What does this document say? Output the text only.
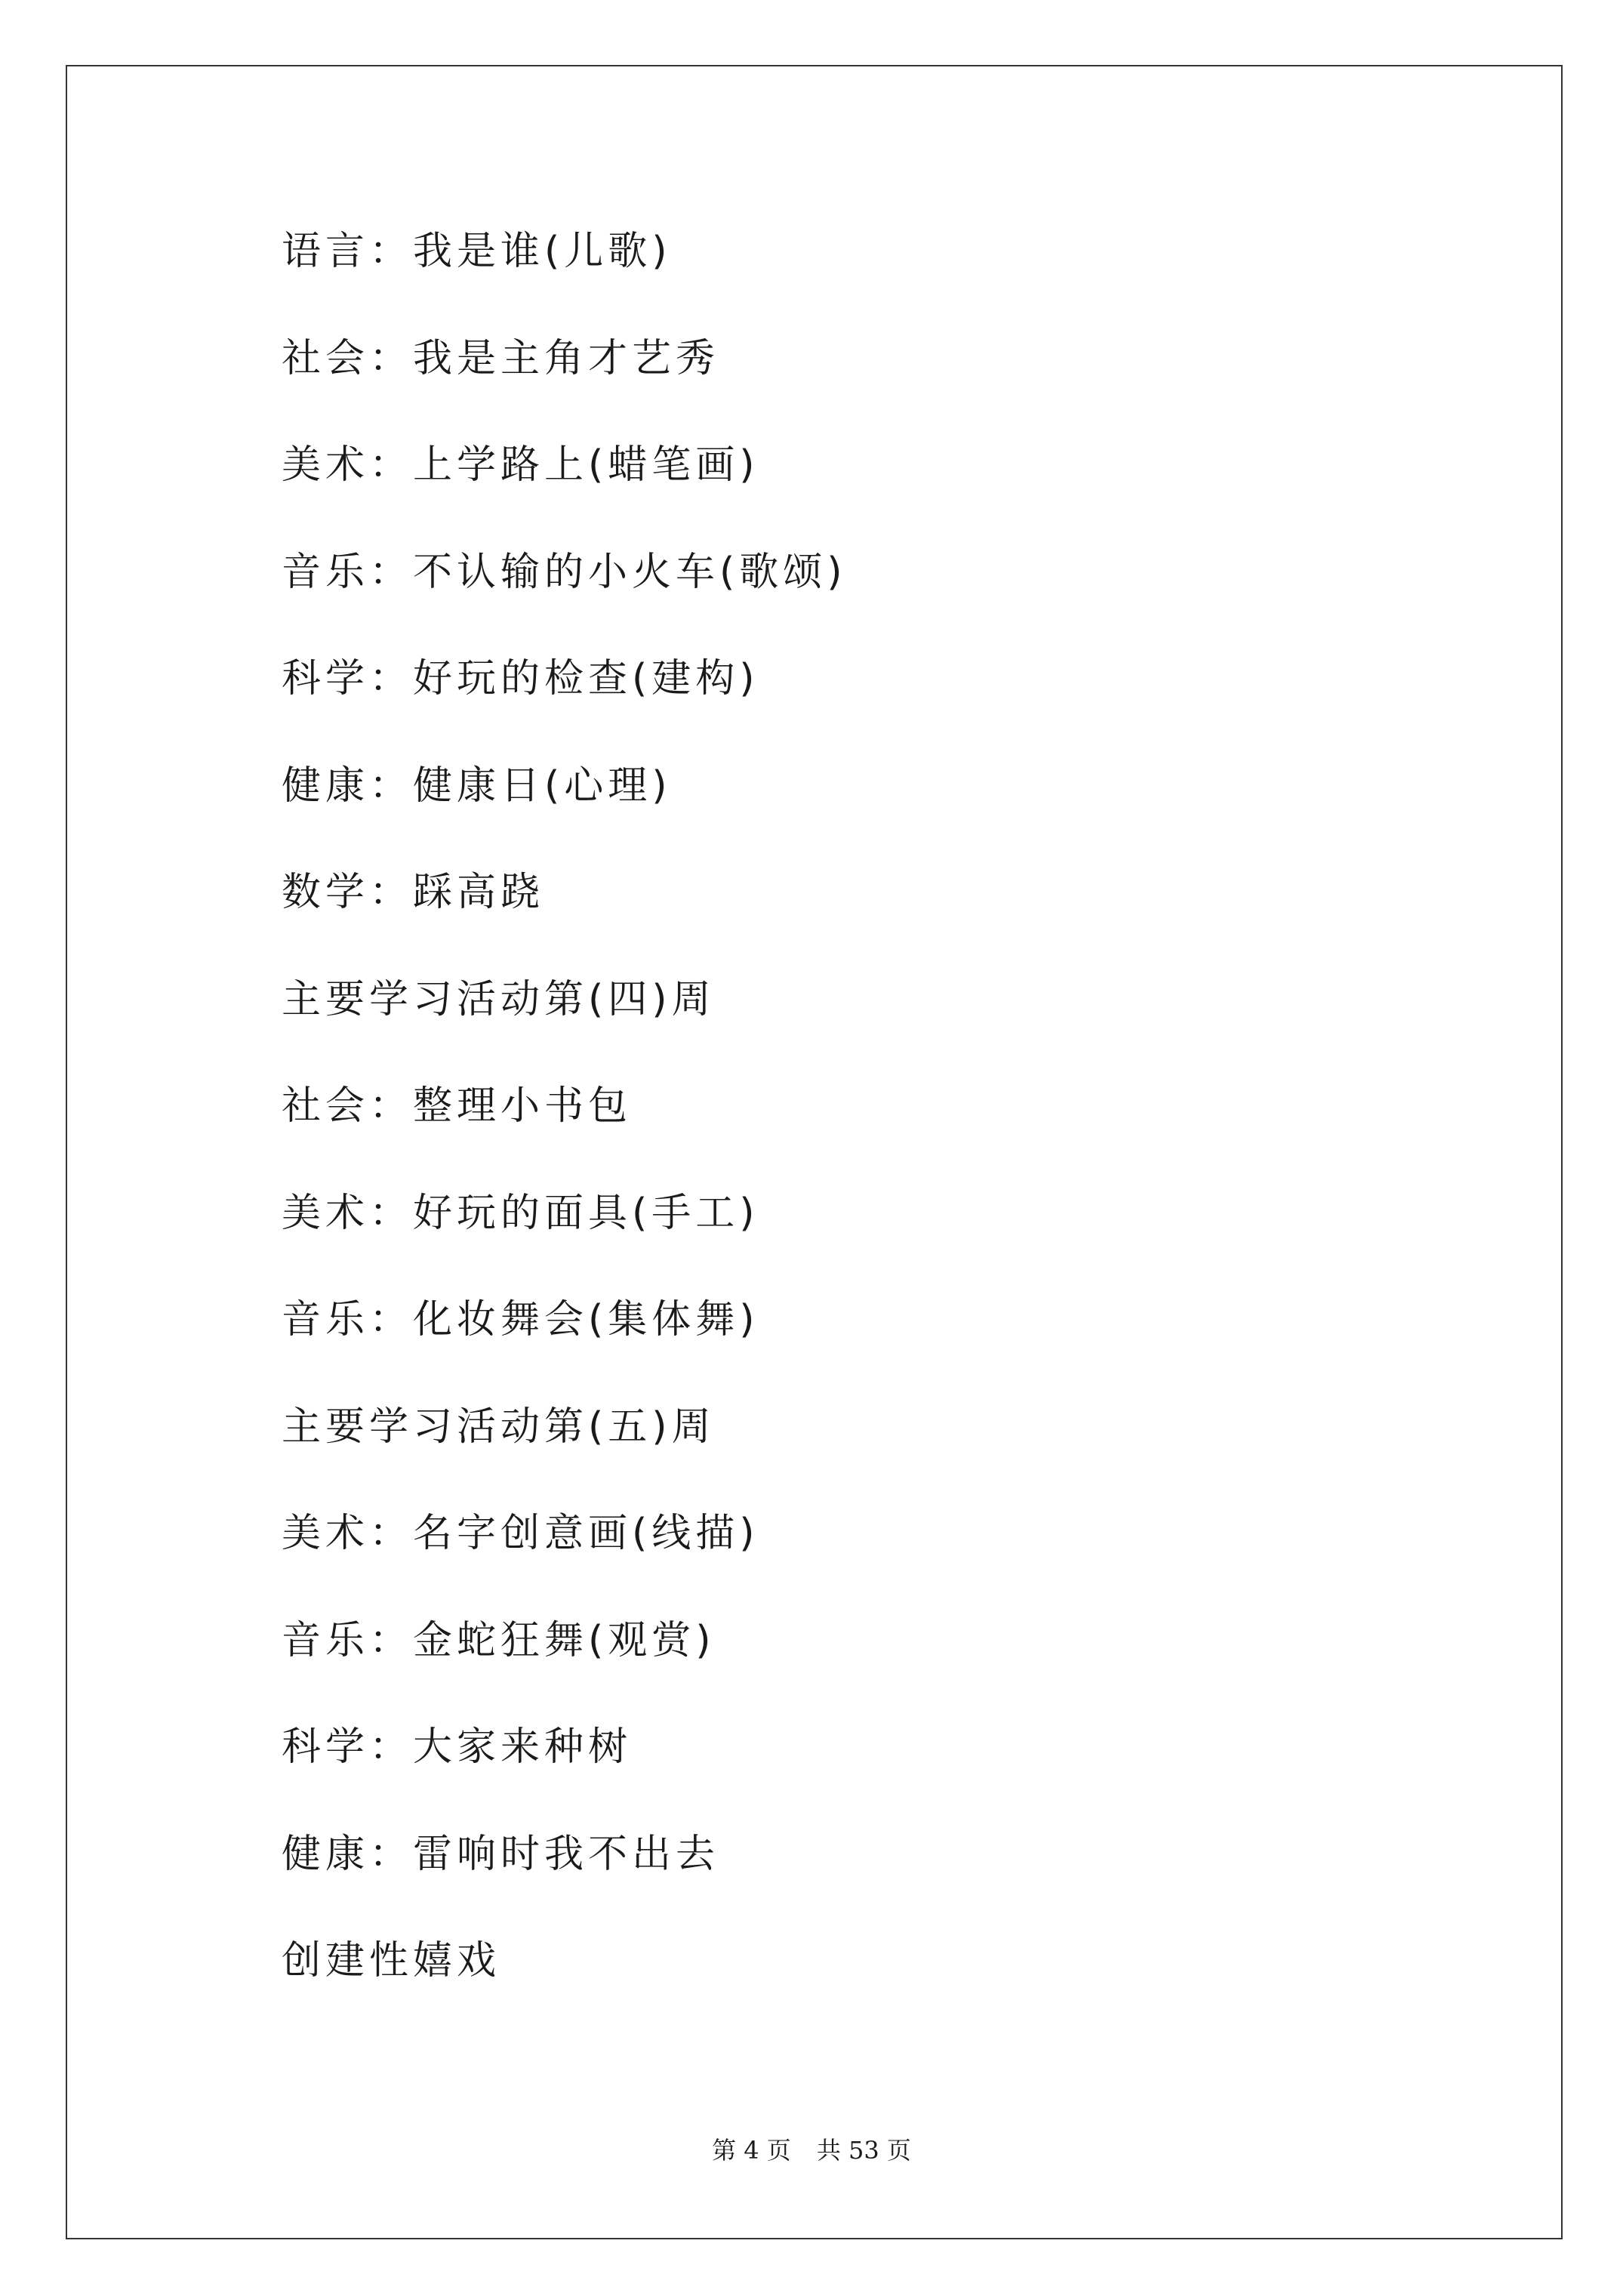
语言：我是谁(儿歌)
社会：我是主角才艺秀
美术：上学路上(蜡笔画)
音乐：不认输的小火车(歌颂)
科学：好玩的检查(建构)
健康：健康日(心理)
数学：踩高跷
主要学习活动第(四)周
社会：整理小书包
美术：好玩的面具(手工)
音乐：化妆舞会(集体舞)
主要学习活动第(五)周
美术：名字创意画(线描)
音乐：金蛇狂舞(观赏)
科学：大家来种树
健康：雷响时我不出去
创建性嬉戏
第 4 页 共 53 页
